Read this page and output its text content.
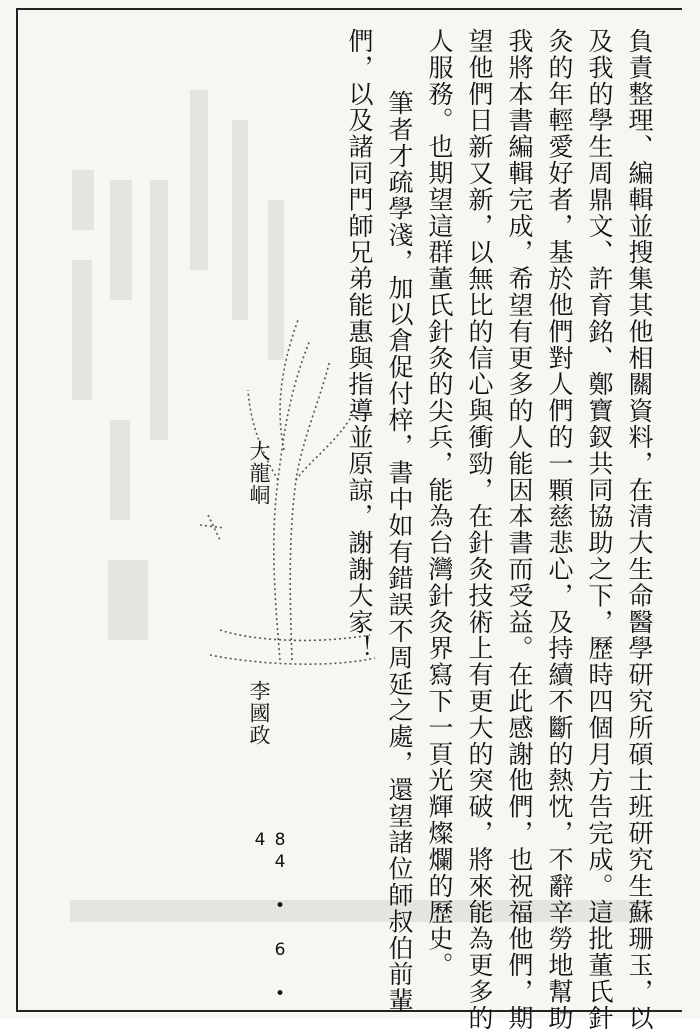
負責整理、編輯並搜集其他相關資料，在清大生命醫學研究所碩士班研究生蘇珊玉，以
及我的學生周鼎文、許育銘、鄭寶釵共同協助之下，歷時四個月方告完成。這批董氏針
灸的年輕愛好者，基於他們對人們的一顆慈悲心，及持續不斷的熱忱，不辭辛勞地幫助
我將本書編輯完成，希望有更多的人能因本書而受益。在此感謝他們，也祝福他們，期
望他們日新又新，以無比的信心與衝勁，在針灸技術上有更大的突破，將來能為更多的
人服務。也期望這群董氏針灸的尖兵，能為台灣針灸界寫下一頁光輝燦爛的歷史。
筆者才疏學淺，加以倉促付梓，書中如有錯誤不周延之處，還望諸位師叔伯前輩
們，以及諸同門師兄弟能惠與指導並原諒，謝謝大家！
大龍峒
李國政
84 • 6 • 4
